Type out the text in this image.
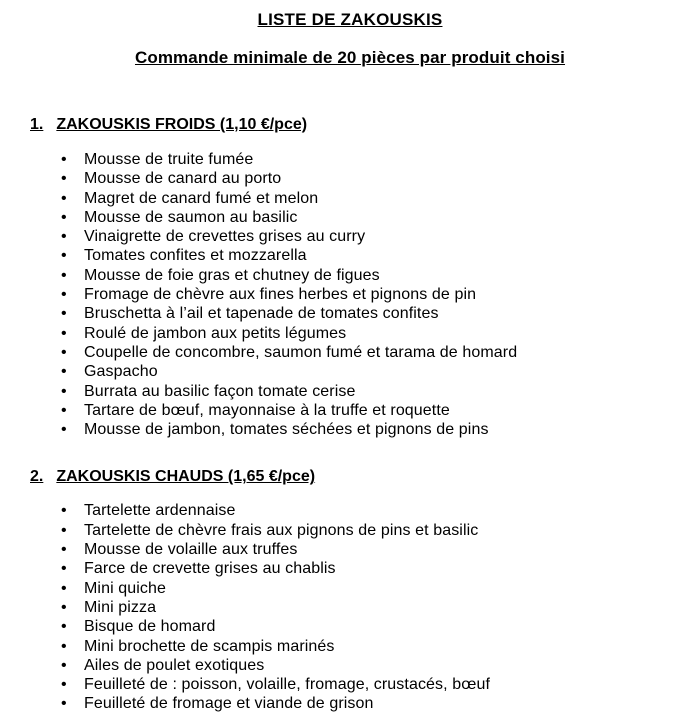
LISTE DE ZAKOUSKIS
Commande minimale de 20 pièces par produit choisi

1. ZAKOUSKIS FROIDS (1,10 €/pce)

• Mousse de truite fumée
• Mousse de canard au porto
• Magret de canard fumé et melon
• Mousse de saumon au basilic
• Vinaigrette de crevettes grises au curry
• Tomates confites et mozzarella
• Mousse de foie gras et chutney de figues
• Fromage de chèvre aux fines herbes et pignons de pin
• Bruschetta à l’ail et tapenade de tomates confites
• Roulé de jambon aux petits légumes
• Coupelle de concombre, saumon fumé et tarama de homard
• Gaspacho
• Burrata au basilic façon tomate cerise
• Tartare de bœuf, mayonnaise à la truffe et roquette
• Mousse de jambon, tomates séchées et pignons de pins

2. ZAKOUSKIS CHAUDS (1,65 €/pce)

• Tartelette ardennaise
• Tartelette de chèvre frais aux pignons de pins et basilic
• Mousse de volaille aux truffes
• Farce de crevette grises au chablis
• Mini quiche
• Mini pizza
• Bisque de homard
• Mini brochette de scampis marinés
• Ailes de poulet exotiques
• Feuilleté de : poisson, volaille, fromage, crustacés, bœuf
• Feuilleté de fromage et viande de grison
